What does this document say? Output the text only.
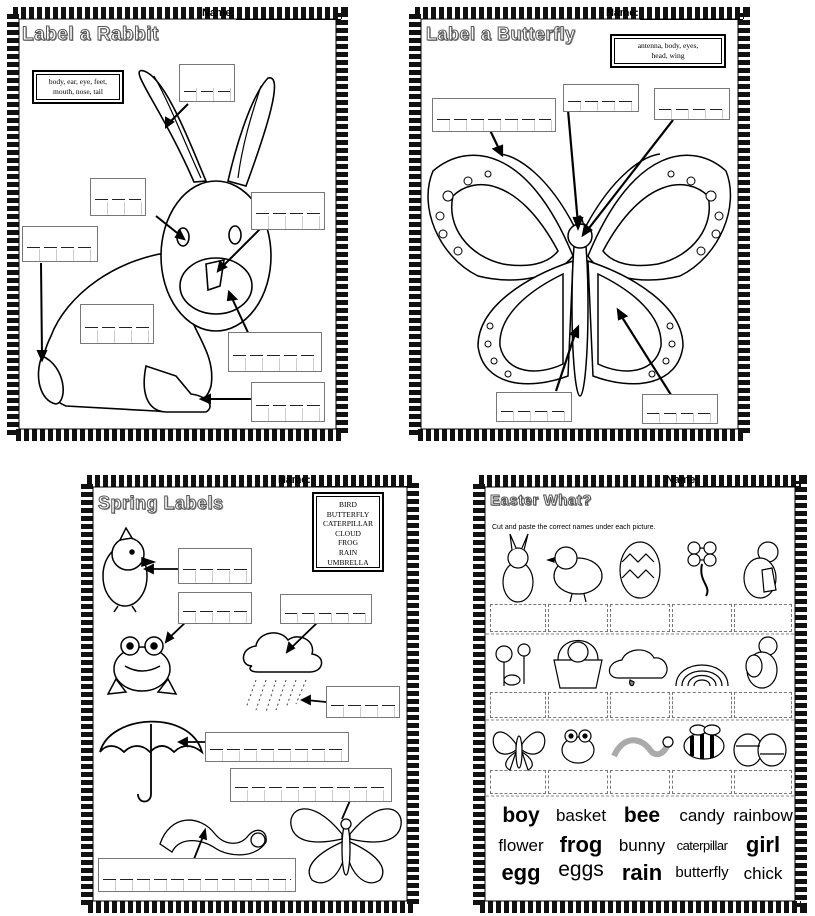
Name:
Label a Rabbit
body, ear, eye, feet,
mouth, nose, tail
Name:
Label a Butterfly
antenna, body, eyes,
head, wing
Name:
Spring Labels	BIRD
BUTTERFLY
CATERPILLAR
CLOUD
FROG
RAIN
UMBRELLA
Name:
Easter What?
Cut and paste the correct names under each picture.
boy basket bee	candy rainbow
flower frog bunny caterpillar girl
egg eggs rain butterfly chick
